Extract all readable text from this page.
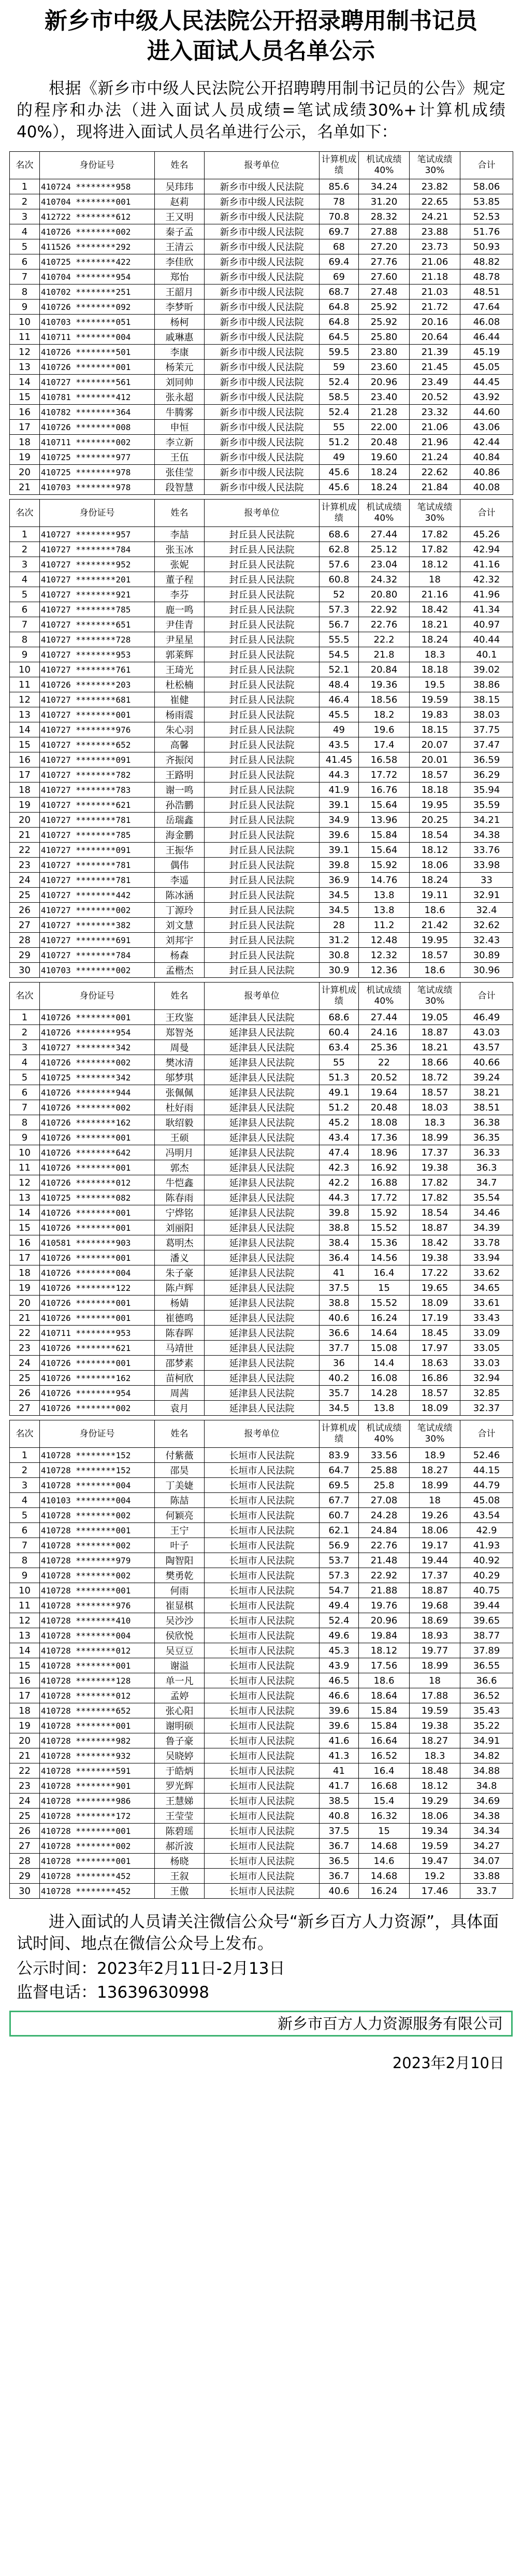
新乡市中级人民法院公开招录聘用制书记员
进入面试人员名单公示
根据《新乡市中级人民法院公开招聘聘用制书记员的公告》规定的程序和办法（进入面试人员成绩=笔试成绩30%+计算机成绩40%），现将进入面试人员名单进行公示，名单如下：
名次	身份证号	姓名	报考单位	计算机成绩	机试成绩40%	笔试成绩30%	合计
1	410724 ********958	吴玮玮	新乡市中级人民法院	85.6	34.24	23.82	58.06
2	410704 ********001	赵莉	新乡市中级人民法院	78	31.20	22.65	53.85
3	412722 ********612	王又明	新乡市中级人民法院	70.8	28.32	24.21	52.53
4	410726 ********002	秦子孟	新乡市中级人民法院	69.7	27.88	23.88	51.76
5	411526 ********292	王清云	新乡市中级人民法院	68	27.20	23.73	50.93
6	410725 ********422	李佳欣	新乡市中级人民法院	69.4	27.76	21.06	48.82
7	410704 ********954	郑怡	新乡市中级人民法院	69	27.60	21.18	48.78
8	410702 ********251	王韶月	新乡市中级人民法院	68.7	27.48	21.03	48.51
9	410726 ********092	李梦昕	新乡市中级人民法院	64.8	25.92	21.72	47.64
10	410703 ********051	杨柯	新乡市中级人民法院	64.8	25.92	20.16	46.08
11	410711 ********004	戚琳惠	新乡市中级人民法院	64.5	25.80	20.64	46.44
12	410726 ********501	李康	新乡市中级人民法院	59.5	23.80	21.39	45.19
13	410726 ********001	杨茉元	新乡市中级人民法院	59	23.60	21.45	45.05
14	410727 ********561	刘同帅	新乡市中级人民法院	52.4	20.96	23.49	44.45
15	410781 ********412	张永超	新乡市中级人民法院	58.5	23.40	20.52	43.92
16	410782 ********364	牛腾雾	新乡市中级人民法院	52.4	21.28	23.32	44.60
17	410726 ********008	申恒	新乡市中级人民法院	55	22.00	21.06	43.06
18	410711 ********002	李立新	新乡市中级人民法院	51.2	20.48	21.96	42.44
19	410725 ********977	王伍	新乡市中级人民法院	49	19.60	21.24	40.84
20	410725 ********978	张佳莹	新乡市中级人民法院	45.6	18.24	22.62	40.86
21	410703 ********978	段智慧	新乡市中级人民法院	45.6	18.24	21.84	40.08
名次	身份证号	姓名	报考单位	计算机成绩	机试成绩40%	笔试成绩30%	合计
1	410727 ********957	李喆	封丘县人民法院	68.6	27.44	17.82	45.26
2	410727 ********784	张玉冰	封丘县人民法院	62.8	25.12	17.82	42.94
3	410727 ********952	张妮	封丘县人民法院	57.6	23.04	18.12	41.16
4	410727 ********201	董子程	封丘县人民法院	60.8	24.32	18	42.32
5	410727 ********921	李芬	封丘县人民法院	52	20.80	21.16	41.96
6	410727 ********785	鹿一鸣	封丘县人民法院	57.3	22.92	18.42	41.34
7	410727 ********651	尹佳青	封丘县人民法院	56.7	22.76	18.21	40.97
8	410727 ********728	尹星星	封丘县人民法院	55.5	22.2	18.24	40.44
9	410727 ********953	郭莱辉	封丘县人民法院	54.5	21.8	18.3	40.1
10	410727 ********761	王琦光	封丘县人民法院	52.1	20.84	18.18	39.02
11	410726 ********203	杜松楠	封丘县人民法院	48.4	19.36	19.5	38.86
12	410727 ********681	崔健	封丘县人民法院	46.4	18.56	19.59	38.15
13	410727 ********001	杨雨震	封丘县人民法院	45.5	18.2	19.83	38.03
14	410727 ********976	朱心羽	封丘县人民法院	49	19.6	18.15	37.75
15	410727 ********652	高馨	封丘县人民法院	43.5	17.4	20.07	37.47
16	410727 ********091	齐振闵	封丘县人民法院	41.45	16.58	20.01	36.59
17	410727 ********782	王路明	封丘县人民法院	44.3	17.72	18.57	36.29
18	410727 ********783	谢一鸣	封丘县人民法院	41.9	16.76	18.18	35.94
19	410727 ********621	孙浩鹏	封丘县人民法院	39.1	15.64	19.95	35.59
20	410727 ********781	岳瑞鑫	封丘县人民法院	34.9	13.96	20.25	34.21
21	410727 ********785	海金鹏	封丘县人民法院	39.6	15.84	18.54	34.38
22	410727 ********091	王振华	封丘县人民法院	39.1	15.64	18.12	33.76
23	410727 ********781	偶伟	封丘县人民法院	39.8	15.92	18.06	33.98
24	410727 ********781	李遥	封丘县人民法院	36.9	14.76	18.24	33
25	410727 ********442	陈冰涵	封丘县人民法院	34.5	13.8	19.11	32.91
26	410727 ********002	丁源玲	封丘县人民法院	34.5	13.8	18.6	32.4
27	410727 ********382	刘文慧	封丘县人民法院	28	11.2	21.42	32.62
28	410727 ********691	刘邦宇	封丘县人民法院	31.2	12.48	19.95	32.43
29	410727 ********784	杨森	封丘县人民法院	30.8	12.32	18.57	30.89
30	410703 ********002	孟楷杰	封丘县人民法院	30.9	12.36	18.6	30.96
名次	身份证号	姓名	报考单位	计算机成绩	机试成绩40%	笔试成绩30%	合计
1	410726 ********001	王玫鉴	延津县人民法院	68.6	27.44	19.05	46.49
2	410726 ********954	郑智尧	延津县人民法院	60.4	24.16	18.87	43.03
3	410727 ********342	周曼	延津县人民法院	63.4	25.36	18.21	43.57
4	410726 ********002	樊冰清	延津县人民法院	55	22	18.66	40.66
5	410725 ********342	邬梦琪	延津县人民法院	51.3	20.52	18.72	39.24
6	410726 ********944	张佩佩	延津县人民法院	49.1	19.64	18.57	38.21
7	410726 ********002	杜好雨	延津县人民法院	51.2	20.48	18.03	38.51
8	410726 ********162	耿绍毅	延津县人民法院	45.2	18.08	18.3	36.38
9	410726 ********001	王硕	延津县人民法院	43.4	17.36	18.99	36.35
10	410726 ********642	冯明月	延津县人民法院	47.4	18.96	17.37	36.33
11	410726 ********001	郭杰	延津县人民法院	42.3	16.92	19.38	36.3
12	410726 ********012	牛恺鑫	延津县人民法院	42.2	16.88	17.82	34.7
13	410725 ********082	陈春雨	延津县人民法院	44.3	17.72	17.82	35.54
14	410726 ********001	宁烨铭	延津县人民法院	39.8	15.92	18.54	34.46
15	410726 ********001	刘丽阳	延津县人民法院	38.8	15.52	18.87	34.39
16	410581 ********903	葛明杰	延津县人民法院	38.4	15.36	18.42	33.78
17	410726 ********001	潘义	延津县人民法院	36.4	14.56	19.38	33.94
18	410726 ********004	朱子豪	延津县人民法院	41	16.4	17.22	33.62
19	410726 ********122	陈卢辉	延津县人民法院	37.5	15	19.65	34.65
20	410726 ********001	杨婧	延津县人民法院	38.8	15.52	18.09	33.61
21	410726 ********001	崔德鸣	延津县人民法院	40.6	16.24	17.19	33.43
22	410711 ********953	陈春晖	延津县人民法院	36.6	14.64	18.45	33.09
23	410726 ********621	马靖世	延津县人民法院	37.7	15.08	17.97	33.05
24	410726 ********001	邵梦素	延津县人民法院	36	14.4	18.63	33.03
25	410726 ********162	苗柯欣	延津县人民法院	40.2	16.08	16.86	32.94
26	410726 ********954	周茜	延津县人民法院	35.7	14.28	18.57	32.85
27	410726 ********002	袁月	延津县人民法院	34.5	13.8	18.09	32.37
名次	身份证号	姓名	报考单位	计算机成绩	机试成绩40%	笔试成绩30%	合计
1	410728 ********152	付紫薇	长垣市人民法院	83.9	33.56	18.9	52.46
2	410728 ********152	邵昊	长垣市人民法院	64.7	25.88	18.27	44.15
3	410728 ********004	丁美婕	长垣市人民法院	69.5	25.8	18.99	44.79
4	410103 ********004	陈喆	长垣市人民法院	67.7	27.08	18	45.08
5	410728 ********002	何颖亮	长垣市人民法院	60.7	24.28	19.26	43.54
6	410728 ********001	王宁	长垣市人民法院	62.1	24.84	18.06	42.9
7	410728 ********002	叶子	长垣市人民法院	56.9	22.76	19.17	41.93
8	410728 ********979	陶智阳	长垣市人民法院	53.7	21.48	19.44	40.92
9	410728 ********002	樊勇乾	长垣市人民法院	57.3	22.92	17.37	40.29
10	410728 ********001	何雨	长垣市人民法院	54.7	21.88	18.87	40.75
11	410728 ********976	崔显棋	长垣市人民法院	49.4	19.76	19.68	39.44
12	410728 ********410	吴沙沙	长垣市人民法院	52.4	20.96	18.69	39.65
13	410728 ********004	侯欣悦	长垣市人民法院	49.6	19.84	18.93	38.77
14	410728 ********012	吴豆豆	长垣市人民法院	45.3	18.12	19.77	37.89
15	410728 ********001	谢溢	长垣市人民法院	43.9	17.56	18.99	36.55
16	410728 ********128	单一凡	长垣市人民法院	46.5	18.6	18	36.6
17	410728 ********012	孟婷	长垣市人民法院	46.6	18.64	17.88	36.52
18	410728 ********652	张心阳	长垣市人民法院	39.6	15.84	19.59	35.43
19	410728 ********001	谢明硕	长垣市人民法院	39.6	15.84	19.38	35.22
20	410728 ********982	鲁子豪	长垣市人民法院	41.6	16.64	18.27	34.91
21	410728 ********932	吴晓婷	长垣市人民法院	41.3	16.52	18.3	34.82
22	410728 ********591	于皓炳	长垣市人民法院	41	16.4	18.48	34.88
23	410728 ********901	罗光辉	长垣市人民法院	41.7	16.68	18.12	34.8
24	410728 ********986	王慧娣	长垣市人民法院	38.5	15.4	19.29	34.69
25	410728 ********172	王莹莹	长垣市人民法院	40.8	16.32	18.06	34.38
26	410728 ********001	陈碧瑶	长垣市人民法院	37.5	15	19.34	34.34
27	410728 ********002	郝沂波	长垣市人民法院	36.7	14.68	19.59	34.27
28	410728 ********001	杨晓	长垣市人民法院	36.5	14.6	19.47	34.07
29	410728 ********452	王叙	长垣市人民法院	36.7	14.68	19.2	33.88
30	410728 ********452	王傲	长垣市人民法院	40.6	16.24	17.46	33.7
进入面试的人员请关注微信公众号“新乡百方人力资源”，具体面试时间、地点在微信公众号上发布。
公示时间：2023年2月11日-2月13日
监督电话：13639630998
新乡市百方人力资源服务有限公司
2023年2月10日
